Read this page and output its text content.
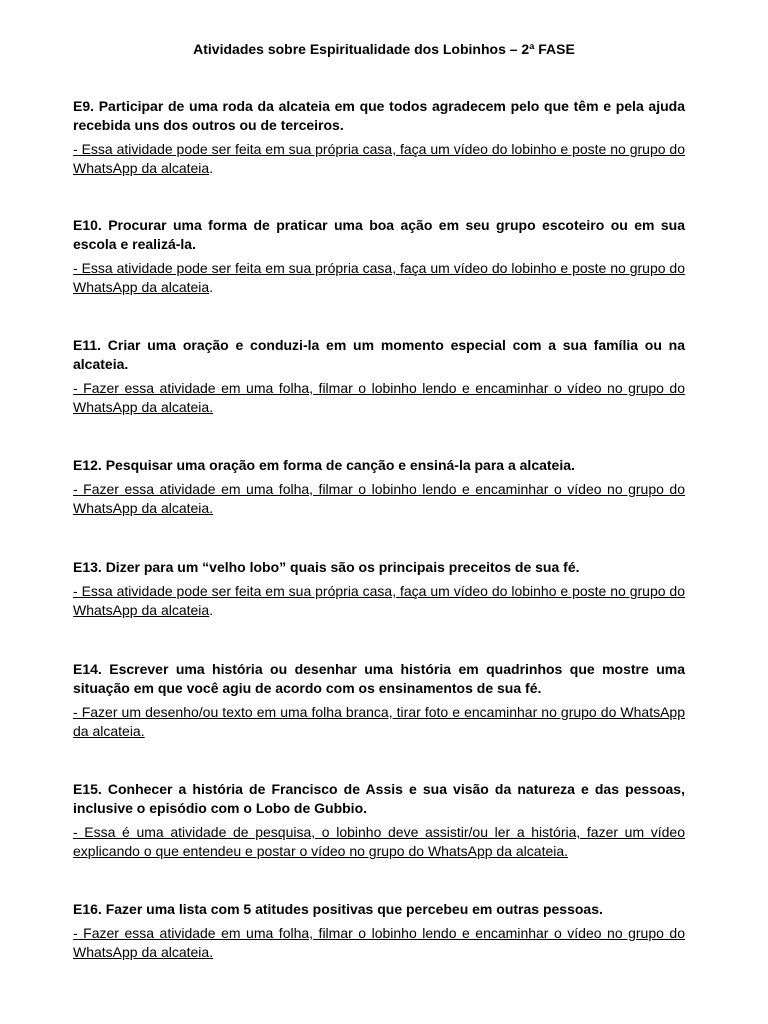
Atividades sobre Espiritualidade dos Lobinhos – 2ª FASE

E9. Participar de uma roda da alcateia em que todos agradecem pelo que têm e pela ajuda recebida uns dos outros ou de terceiros.

- Essa atividade pode ser feita em sua própria casa, faça um vídeo do lobinho e poste no grupo do WhatsApp da alcateia.

E10. Procurar uma forma de praticar uma boa ação em seu grupo escoteiro ou em sua escola e realizá-la.

- Essa atividade pode ser feita em sua própria casa, faça um vídeo do lobinho e poste no grupo do WhatsApp da alcateia.

E11. Criar uma oração e conduzi-la em um momento especial com a sua família ou na alcateia.

- Fazer essa atividade em uma folha, filmar o lobinho lendo e encaminhar o vídeo no grupo do WhatsApp da alcateia.

E12. Pesquisar uma oração em forma de canção e ensiná-la para a alcateia.

- Fazer essa atividade em uma folha, filmar o lobinho lendo e encaminhar o vídeo no grupo do WhatsApp da alcateia.

E13. Dizer para um “velho lobo” quais são os principais preceitos de sua fé.

- Essa atividade pode ser feita em sua própria casa, faça um vídeo do lobinho e poste no grupo do WhatsApp da alcateia.

E14. Escrever uma história ou desenhar uma história em quadrinhos que mostre uma situação em que você agiu de acordo com os ensinamentos de sua fé.

- Fazer um desenho/ou texto em uma folha branca, tirar foto e encaminhar no grupo do WhatsApp da alcateia.

E15. Conhecer a história de Francisco de Assis e sua visão da natureza e das pessoas, inclusive o episódio com o Lobo de Gubbio.

- Essa é uma atividade de pesquisa, o lobinho deve assistir/ou ler a história, fazer um vídeo explicando o que entendeu e postar o vídeo no grupo do WhatsApp da alcateia.

E16. Fazer uma lista com 5 atitudes positivas que percebeu em outras pessoas.

- Fazer essa atividade em uma folha, filmar o lobinho lendo e encaminhar o vídeo no grupo do WhatsApp da alcateia.
